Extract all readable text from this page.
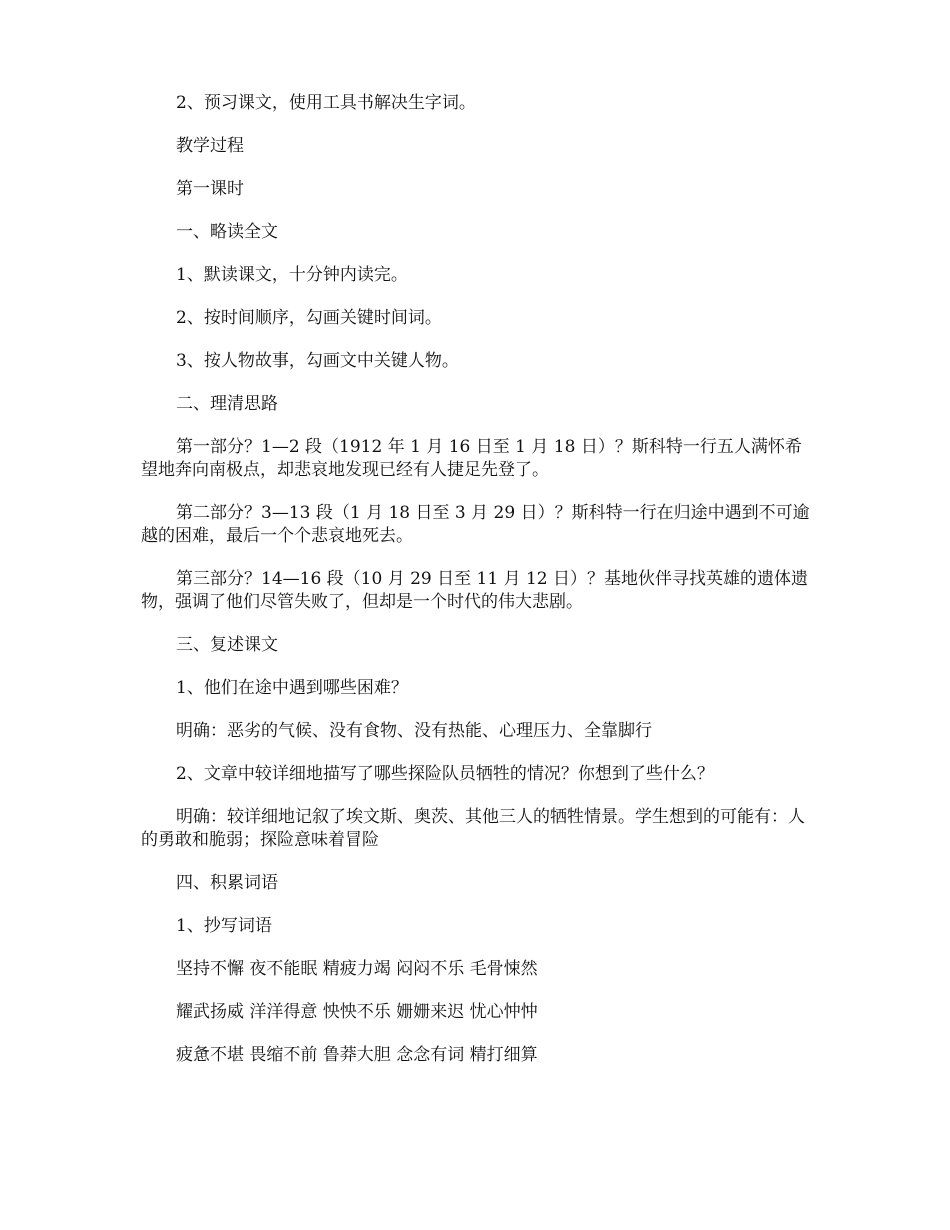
2、预习课文，使用工具书解决生字词。

教学过程

第一课时

一、略读全文

1、默读课文，十分钟内读完。

2、按时间顺序，勾画关键时间词。

3、按人物故事，勾画文中关键人物。

二、理清思路

第一部分？1—2 段（1912 年 1 月 16 日至 1 月 18 日）？斯科特一行五人满怀希望地奔向南极点，却悲哀地发现已经有人捷足先登了。

第二部分？3—13 段（1 月 18 日至 3 月 29 日）？斯科特一行在归途中遇到不可逾越的困难，最后一个个悲哀地死去。

第三部分？14—16 段（10 月 29 日至 11 月 12 日）？基地伙伴寻找英雄的遗体遗物，强调了他们尽管失败了，但却是一个时代的伟大悲剧。

三、复述课文

1、他们在途中遇到哪些困难？

明确：恶劣的气候、没有食物、没有热能、心理压力、全靠脚行

2、文章中较详细地描写了哪些探险队员牺牲的情况？你想到了些什么？

明确：较详细地记叙了埃文斯、奥茨、其他三人的牺牲情景。学生想到的可能有：人的勇敢和脆弱；探险意味着冒险

四、积累词语

1、抄写词语

坚持不懈 夜不能眠 精疲力竭 闷闷不乐 毛骨悚然

耀武扬威 洋洋得意 怏怏不乐 姗姗来迟 忧心忡忡

疲惫不堪 畏缩不前 鲁莽大胆 念念有词 精打细算
